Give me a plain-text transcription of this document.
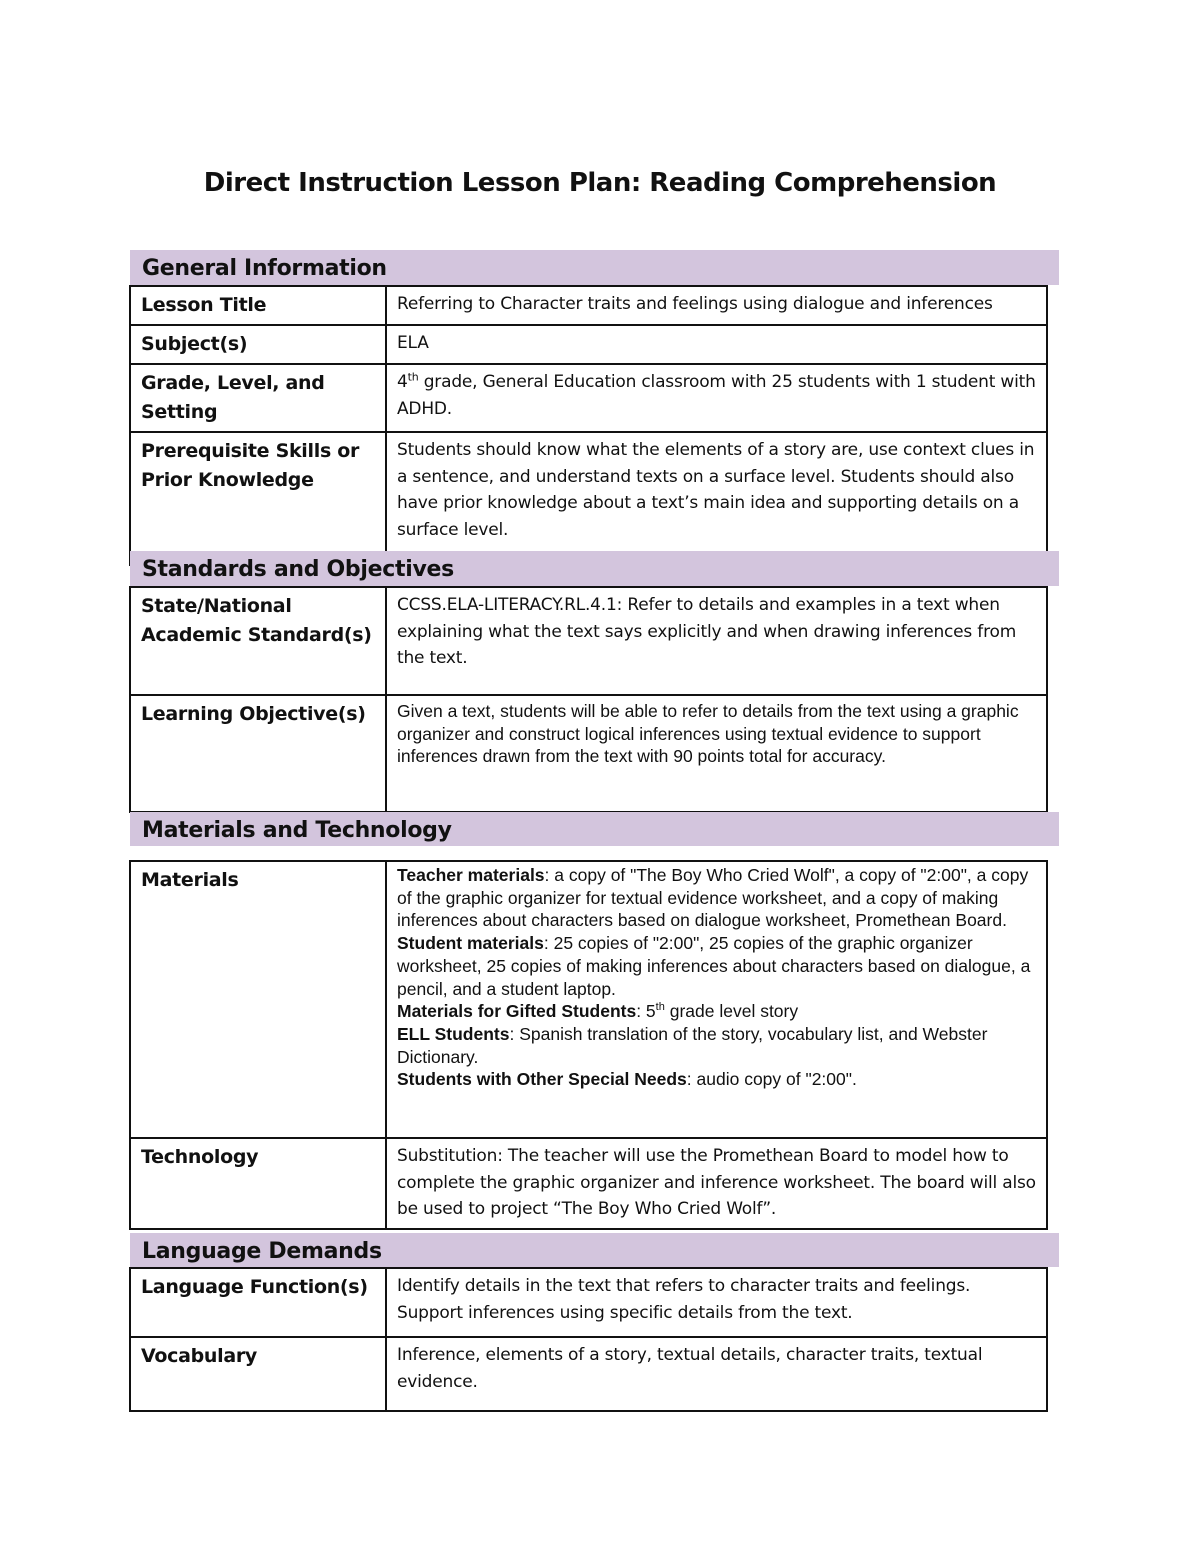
Direct Instruction Lesson Plan: Reading Comprehension
General Information
Lesson Title	Referring to Character traits and feelings using dialogue and inferences
Subject(s)	ELA
Grade, Level, and Setting	4th grade, General Education classroom with 25 students with 1 student with ADHD.
Prerequisite Skills or Prior Knowledge	Students should know what the elements of a story are, use context clues in a sentence, and understand texts on a surface level. Students should also have prior knowledge about a text’s main idea and supporting details on a surface level.
Standards and Objectives
State/National Academic Standard(s)	CCSS.ELA-LITERACY.RL.4.1: Refer to details and examples in a text when explaining what the text says explicitly and when drawing inferences from the text.
Learning Objective(s)	Given a text, students will be able to refer to details from the text using a graphic organizer and construct logical inferences using textual evidence to support inferences drawn from the text with 90 points total for accuracy.
Materials and Technology
Materials	Teacher materials: a copy of "The Boy Who Cried Wolf", a copy of "2:00", a copy of the graphic organizer for textual evidence worksheet, and a copy of making inferences about characters based on dialogue worksheet, Promethean Board.
Student materials: 25 copies of "2:00", 25 copies of the graphic organizer worksheet, 25 copies of making inferences about characters based on dialogue, a pencil, and a student laptop.
Materials for Gifted Students: 5th grade level story
ELL Students: Spanish translation of the story, vocabulary list, and Webster Dictionary.
Students with Other Special Needs: audio copy of "2:00".
Technology	Substitution: The teacher will use the Promethean Board to model how to complete the graphic organizer and inference worksheet. The board will also be used to project “The Boy Who Cried Wolf”.
Language Demands
Language Function(s)	Identify details in the text that refers to character traits and feelings. Support inferences using specific details from the text.
Vocabulary	Inference, elements of a story, textual details, character traits, textual evidence.
